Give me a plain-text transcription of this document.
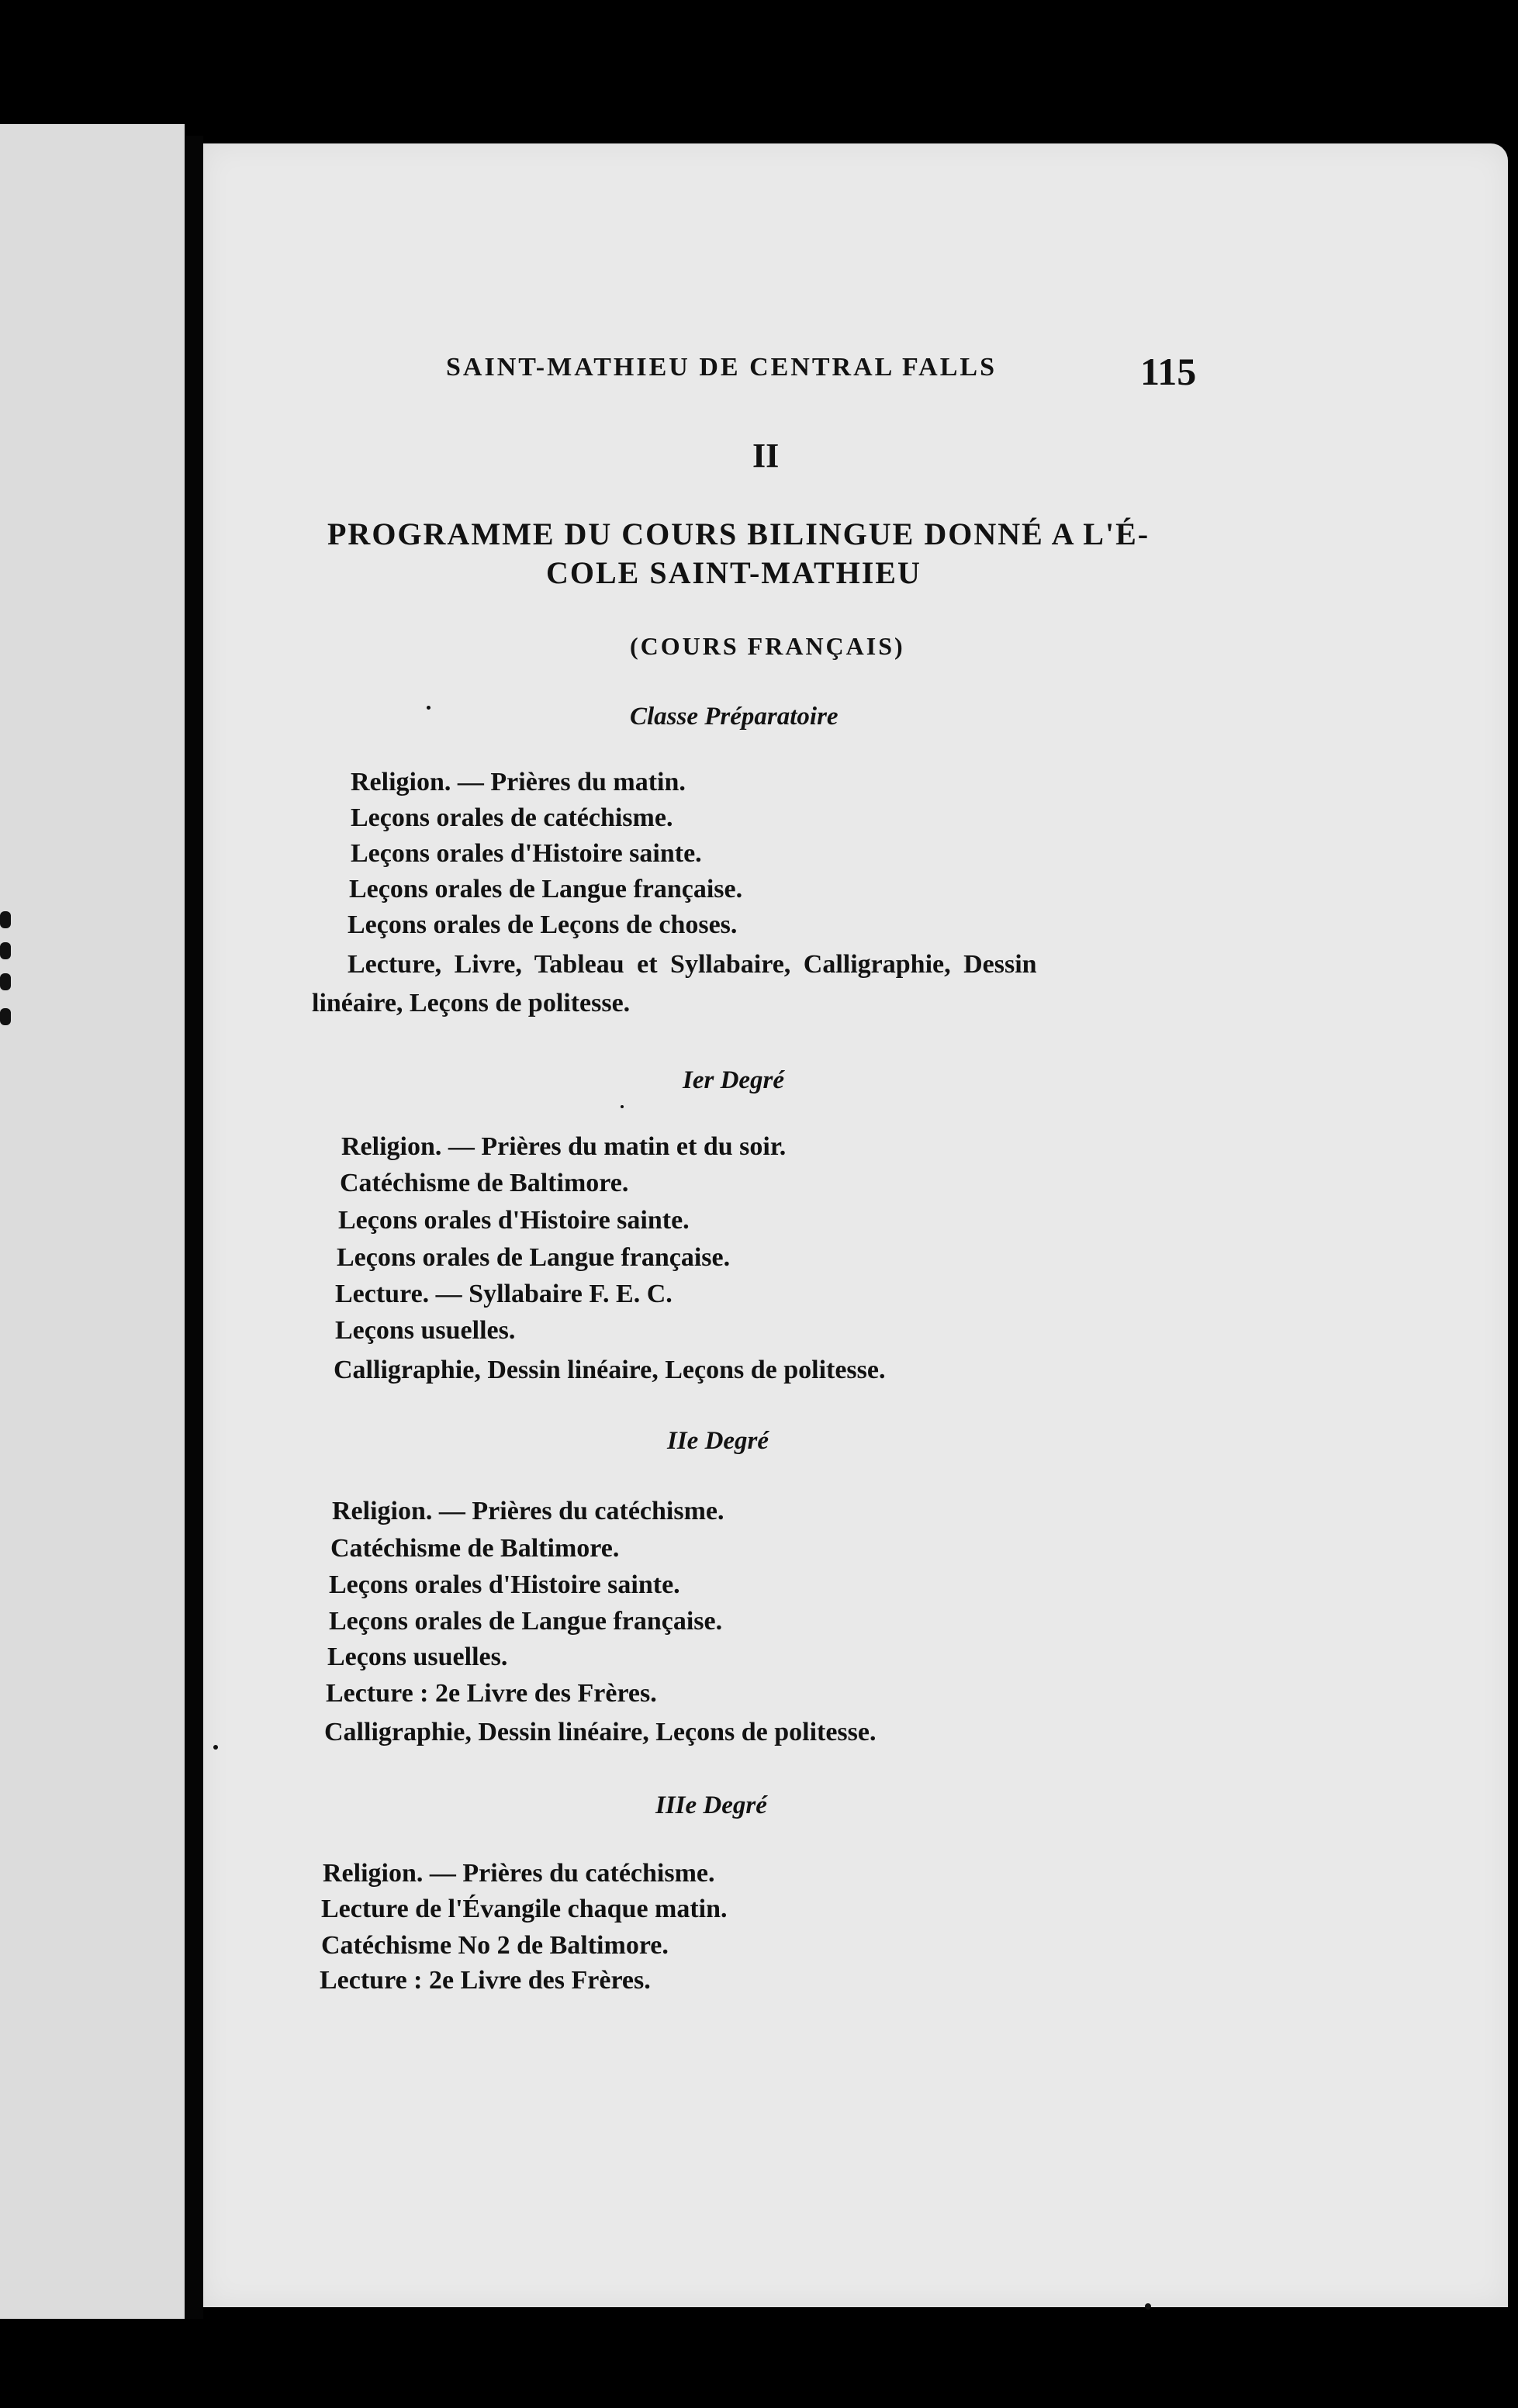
SAINT-MATHIEU DE CENTRAL FALLS	115
II
PROGRAMME DU COURS BILINGUE DONNÉ A L'É-
COLE SAINT-MATHIEU
(COURS FRANÇAIS)
Classe Préparatoire
Religion. — Prières du matin.
Leçons orales de catéchisme.
Leçons orales d'Histoire sainte.
Leçons orales de Langue française.
Leçons orales de Leçons de choses.
Lecture, Livre, Tableau et Syllabaire, Calligraphie, Dessin
linéaire, Leçons de politesse.
Ier Degré
Religion. — Prières du matin et du soir.
Catéchisme de Baltimore.
Leçons orales d'Histoire sainte.
Leçons orales de Langue française.
Lecture. — Syllabaire F. E. C.
Leçons usuelles.
Calligraphie, Dessin linéaire, Leçons de politesse.
IIe Degré
Religion. — Prières du catéchisme.
Catéchisme de Baltimore.
Leçons orales d'Histoire sainte.
Leçons orales de Langue française.
Leçons usuelles.
Lecture : 2e Livre des Frères.
Calligraphie, Dessin linéaire, Leçons de politesse.
IIIe Degré
Religion. — Prières du catéchisme.
Lecture de l'Évangile chaque matin.
Catéchisme No 2 de Baltimore.
Lecture : 2e Livre des Frères.
